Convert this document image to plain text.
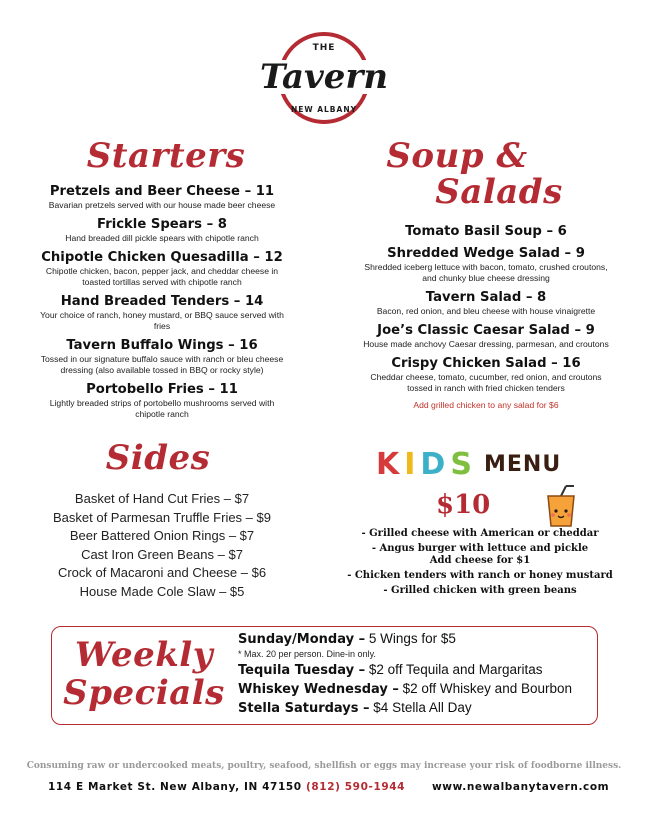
THE
Tavern
NEW ALBANY
Starters
Pretzels and Beer Cheese – 11
Bavarian pretzels served with our house made beer cheese
Frickle Spears – 8
Hand breaded dill pickle spears with chipotle ranch
Chipotle Chicken Quesadilla – 12
Chipotle chicken, bacon, pepper jack, and cheddar cheese in toasted tortillas served with chipotle ranch
Hand Breaded Tenders – 14
Your choice of ranch, honey mustard, or BBQ sauce served with fries
Tavern Buffalo Wings – 16
Tossed in our signature buffalo sauce with ranch or bleu cheese dressing (also available tossed in BBQ or rocky style)
Portobello Fries – 11
Lightly breaded strips of portobello mushrooms served with chipotle ranch
Soup &
Salads
Tomato Basil Soup – 6
Shredded Wedge Salad – 9
Shredded iceberg lettuce with bacon, tomato, crushed croutons, and chunky blue cheese dressing
Tavern Salad – 8
Bacon, red onion, and bleu cheese with house vinaigrette
Joe’s Classic Caesar Salad – 9
House made anchovy Caesar dressing, parmesan, and croutons
Crispy Chicken Salad – 16
Cheddar cheese, tomato, cucumber, red onion, and croutons tossed in ranch with fried chicken tenders
Add grilled chicken to any salad for $6
Sides
Basket of Hand Cut Fries – $7
Basket of Parmesan Truffle Fries – $9
Beer Battered Onion Rings – $7
Cast Iron Green Beans – $7
Crock of Macaroni and Cheese – $6
House Made Cole Slaw – $5
K I D S MENU
$10
- Grilled cheese with American or cheddar
- Angus burger with lettuce and pickle
Add cheese for $1
- Chicken tenders with ranch or honey mustard
- Grilled chicken with green beans
Weekly
Specials
Sunday/Monday – 5 Wings for $5
* Max. 20 per person. Dine-in only.
Tequila Tuesday – $2 off Tequila and Margaritas
Whiskey Wednesday – $2 off Whiskey and Bourbon
Stella Saturdays – $4 Stella All Day
Consuming raw or undercooked meats, poultry, seafood, shellfish or eggs may increase your risk of foodborne illness.
114 E Market St. New Albany, IN 47150 (812) 590-1944	www.newalbanytavern.com
